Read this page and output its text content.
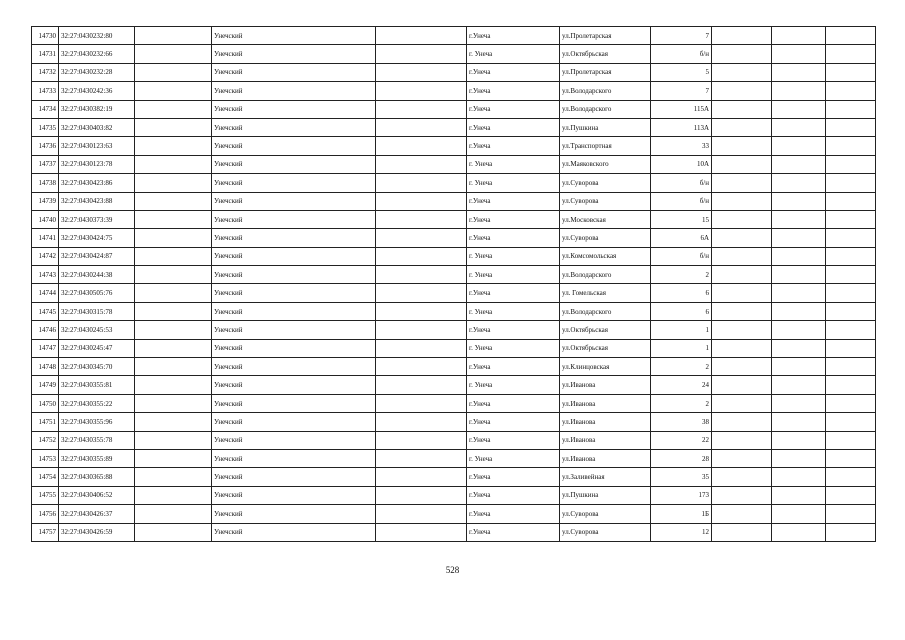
14730	32:27:0430232:80		Унечский		г.Унеча	ул.Пролетарская	7			
14731	32:27:0430232:66		Унечский		г. Унеча	ул.Октябрьская	б/н			
14732	32:27:0430232:28		Унечский		г.Унеча	ул.Пролетарская	5			
14733	32:27:0430242:36		Унечский		г.Унеча	ул.Володарского	7			
14734	32:27:0430382:19		Унечский		г.Унеча	ул.Володарского	115А			
14735	32:27:0430403:82		Унечский		г.Унеча	ул.Пушкина	113А			
14736	32:27:0430123:63		Унечский		г.Унеча	ул.Транспортная	33			
14737	32:27:0430123:78		Унечский		г. Унеча	ул.Маяковского	10А			
14738	32:27:0430423:86		Унечский		г. Унеча	ул.Суворова	б/н			
14739	32:27:0430423:88		Унечский		г.Унеча	ул.Суворова	б/н			
14740	32:27:0430373:39		Унечский		г.Унеча	ул.Московская	15			
14741	32:27:0430424:75		Унечский		г.Унеча	ул.Суворова	6А			
14742	32:27:0430424:87		Унечский		г. Унеча	ул.Комсомольская	б/н			
14743	32:27:0430244:38		Унечский		г. Унеча	ул.Володарского	2			
14744	32:27:0430505:76		Унечский		г.Унеча	ул. Гомельская	6			
14745	32:27:0430315:78		Унечский		г. Унеча	ул.Володарского	6			
14746	32:27:0430245:53		Унечский		г.Унеча	ул.Октябрьская	1			
14747	32:27:0430245:47		Унечский		г. Унеча	ул.Октябрьская	1			
14748	32:27:0430345:70		Унечский		г.Унеча	ул.Клинцовская	2			
14749	32:27:0430355:81		Унечский		г. Унеча	ул.Иванова	24			
14750	32:27:0430355:22		Унечский		г.Унеча	ул.Иванова	2			
14751	32:27:0430355:96		Унечский		г.Унеча	ул.Иванова	38			
14752	32:27:0430355:78		Унечский		г.Унеча	ул.Иванова	22			
14753	32:27:0430355:89		Унечский		г. Унеча	ул.Иванова	28			
14754	32:27:0430365:88		Унечский		г.Унеча	ул.Заливейная	35			
14755	32:27:0430406:52		Унечский		г.Унеча	ул.Пушкина	173			
14756	32:27:0430426:37		Унечский		г.Унеча	ул.Суворова	1Б			
14757	32:27:0430426:59		Унечский		г.Унеча	ул.Суворова	12			
528
